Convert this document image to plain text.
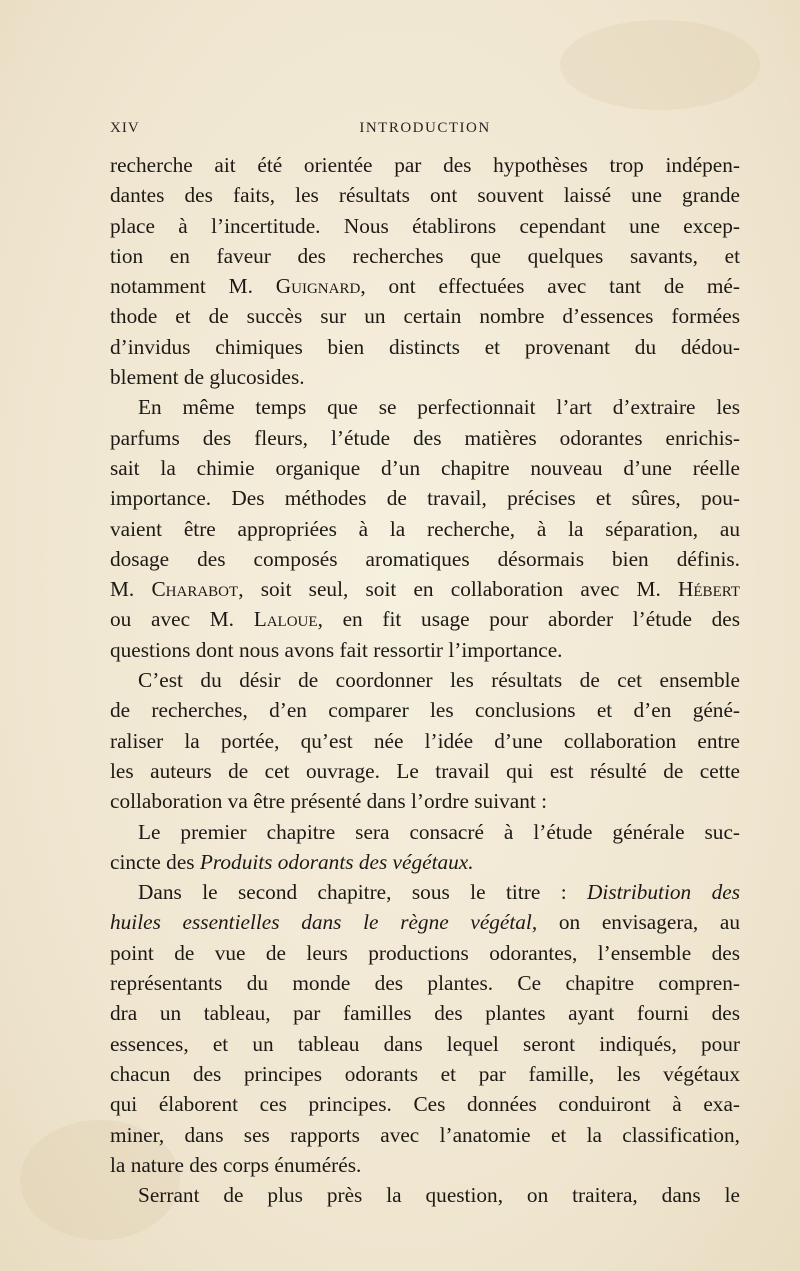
XIV	INTRODUCTION
recherche ait été orientée par des hypothèses trop indépen-
dantes des faits, les résultats ont souvent laissé une grande
place à l’incertitude. Nous établirons cependant une excep-
tion en faveur des recherches que quelques savants, et
notamment M. Guignard, ont effectuées avec tant de mé-
thode et de succès sur un certain nombre d’essences formées
d’invidus chimiques bien distincts et provenant du dédou-
blement de glucosides.
En même temps que se perfectionnait l’art d’extraire les
parfums des fleurs, l’étude des matières odorantes enrichis-
sait la chimie organique d’un chapitre nouveau d’une réelle
importance. Des méthodes de travail, précises et sûres, pou-
vaient être appropriées à la recherche, à la séparation, au
dosage des composés aromatiques désormais bien définis.
M. Charabot, soit seul, soit en collaboration avec M. Hébert
ou avec M. Laloue, en fit usage pour aborder l’étude des
questions dont nous avons fait ressortir l’importance.
C’est du désir de coordonner les résultats de cet ensemble
de recherches, d’en comparer les conclusions et d’en géné-
raliser la portée, qu’est née l’idée d’une collaboration entre
les auteurs de cet ouvrage. Le travail qui est résulté de cette
collaboration va être présenté dans l’ordre suivant :
Le premier chapitre sera consacré à l’étude générale suc-
cincte des Produits odorants des végétaux.
Dans le second chapitre, sous le titre : Distribution des
huiles essentielles dans le règne végétal, on envisagera, au
point de vue de leurs productions odorantes, l’ensemble des
représentants du monde des plantes. Ce chapitre compren-
dra un tableau, par familles des plantes ayant fourni des
essences, et un tableau dans lequel seront indiqués, pour
chacun des principes odorants et par famille, les végétaux
qui élaborent ces principes. Ces données conduiront à exa-
miner, dans ses rapports avec l’anatomie et la classification,
la nature des corps énumérés.
Serrant de plus près la question, on traitera, dans le
